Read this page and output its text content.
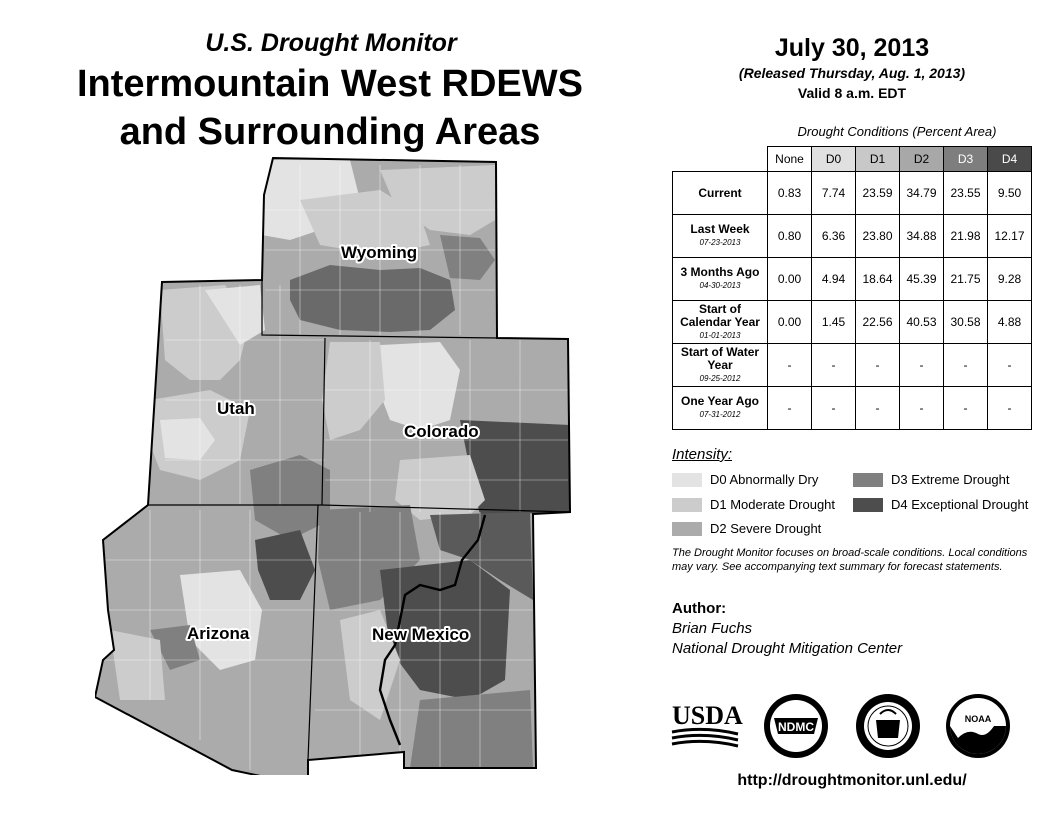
U.S. Drought Monitor
Intermountain West RDEWS
and Surrounding Areas
Wyoming
Utah
Colorado
Arizona	New Mexico
July 30, 2013
(Released Thursday, Aug. 1, 2013)
Valid 8 a.m. EDT
Drought Conditions (Percent Area)
	None	D0	D1	D2	D3	D4
Current	0.83	7.74	23.59	34.79	23.55	9.50
Last Week
07-23-2013	0.80	6.36	23.80	34.88	21.98	12.17
3 Months Ago
04-30-2013	0.00	4.94	18.64	45.39	21.75	9.28
Start of Calendar Year
01-01-2013	0.00	1.45	22.56	40.53	30.58	4.88
Start of Water Year
09-25-2012	-	-	-	-	-	-
One Year Ago
07-31-2012	-	-	-	-	-	-
Intensity:
D0 Abnormally Dry
D1 Moderate Drought
D2 Severe Drought
D3 Extreme Drought
D4 Exceptional Drought
The Drought Monitor focuses on broad-scale conditions. Local conditions may vary. See accompanying text summary for forecast statements.
Author:
Brian Fuchs
National Drought Mitigation Center
USDA	NDMC
NOAA
http://droughtmonitor.unl.edu/
